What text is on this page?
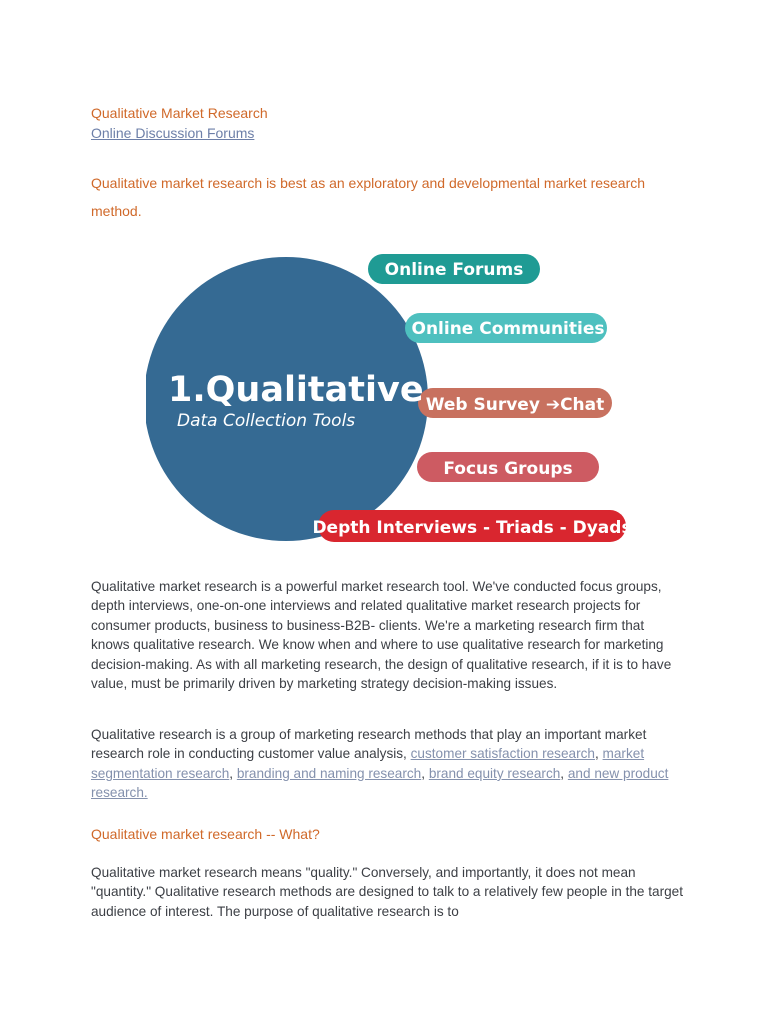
Qualitative Market Research
Online Discussion Forums
Qualitative market research is best as an exploratory and developmental market research method.
Online Forums
Online Communities
Web Survey ➔Chat
Focus Groups
Depth Interviews - Triads - Dyads
1.Qualitative
Data Collection Tools
Qualitative market research is a powerful market research tool. We've conducted focus groups, depth interviews, one-on-one interviews and related qualitative market research projects for consumer products, business to business-B2B- clients. We're a marketing research firm that knows qualitative research. We know when and where to use qualitative research for marketing decision-making. As with all marketing research, the design of qualitative research, if it is to have value, must be primarily driven by marketing strategy decision-making issues.
Qualitative research is a group of marketing research methods that play an important market research role in conducting customer value analysis, customer satisfaction research, market segmentation research, branding and naming research, brand equity research, and new product research.
Qualitative market research -- What?
Qualitative market research means "quality." Conversely, and importantly, it does not mean "quantity." Qualitative research methods are designed to talk to a relatively few people in the target audience of interest. The purpose of qualitative research is to
